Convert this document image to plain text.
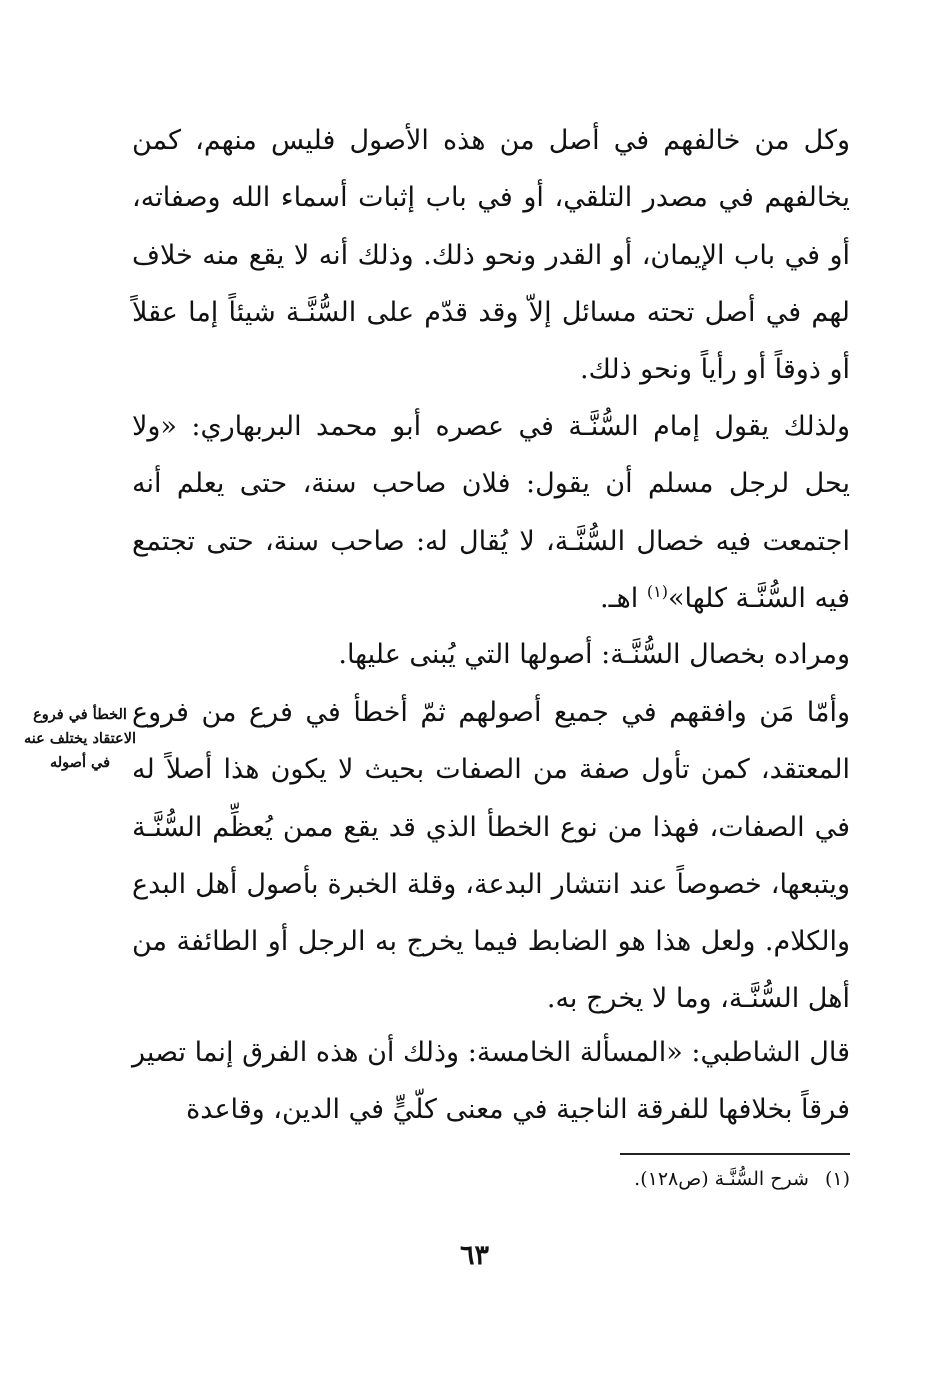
وكل من خالفهم في أصل من هذه الأصول فليس منهم، كمن يخالفهم في مصدر التلقي، أو في باب إثبات أسماء الله وصفاته، أو في باب الإيمان، أو القدر ونحو ذلك. وذلك أنه لا يقع منه خلاف لهم في أصل تحته مسائل إلاّ وقد قدّم على السُّنَّـة شيئاً إما عقلاً أو ذوقاً أو رأياً ونحو ذلك.

ولذلك يقول إمام السُّنَّـة في عصره أبو محمد البربهاري: «ولا يحل لرجل مسلم أن يقول: فلان صاحب سنة، حتى يعلم أنه اجتمعت فيه خصال السُّنَّـة، لا يُقال له: صاحب سنة، حتى تجتمع فيه السُّنَّـة كلها»$^{(١)}$ اهـ.

ومراده بخصال السُّنَّـة: أصولها التي يُبنى عليها.

وأمّا مَن وافقهم في جميع أصولهم ثمّ أخطأ في فرع من فروع المعتقد، كمن تأول صفة من الصفات بحيث لا يكون هذا أصلاً له في الصفات، فهذا من نوع الخطأ الذي قد يقع ممن يُعظِّم السُّنَّـة ويتبعها، خصوصاً عند انتشار البدعة، وقلة الخبرة بأصول أهل البدع والكلام. ولعل هذا هو الضابط فيما يخرج به الرجل أو الطائفة من أهل السُّنَّـة، وما لا يخرج به.

الخطأ في فروع الاعتقاد يختلف عنه في أصوله

قال الشاطبي: «المسألة الخامسة: وذلك أن هذه الفرق إنما تصير فرقاً بخلافها للفرقة الناجية في معنى كلّيٍّ في الدين، وقاعدة

(١) شرح السُّنَّـة (ص١٢٨).
٦٣
